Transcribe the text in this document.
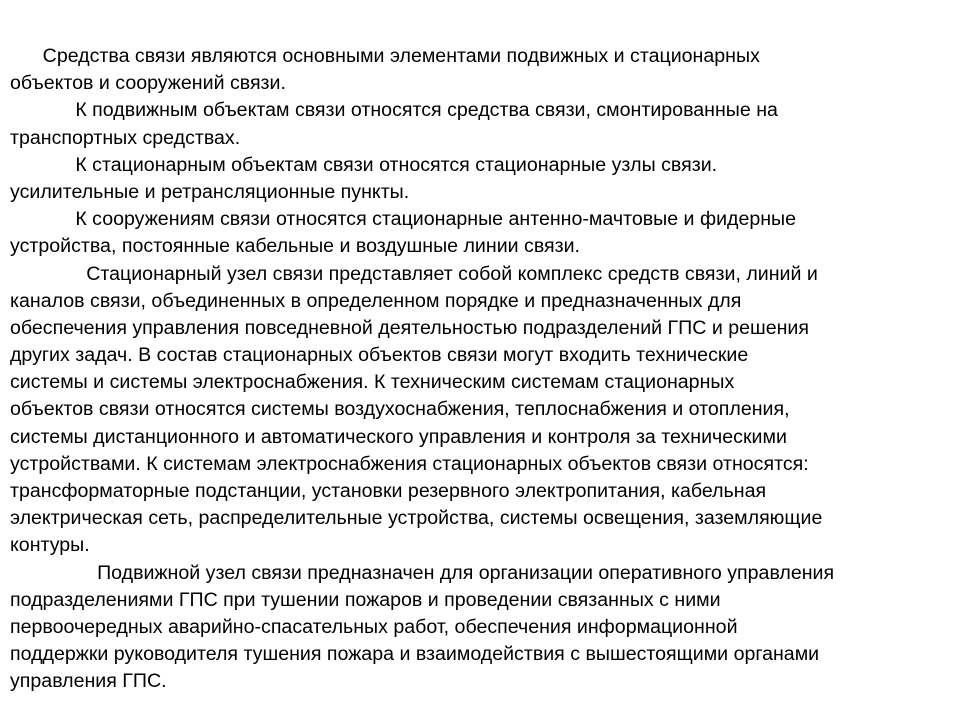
Средства связи являются основными элементами подвижных и стационарных
объектов и сооружений связи.
К подвижным объектам связи относятся средства связи, смонтированные на
транспортных средствах.
К стационарным объектам связи относятся стационарные узлы связи.
усилительные и ретрансляционные пункты.
К сооружениям связи относятся стационарные антенно-мачтовые и фидерные
устройства, постоянные кабельные и воздушные линии связи.
Стационарный узел связи представляет собой комплекс средств связи, линий и
каналов связи, объединенных в определенном порядке и предназначенных для
обеспечения управления повседневной деятельностью подразделений ГПС и решения
других задач. В состав стационарных объектов связи могут входить технические
системы и системы электроснабжения. К техническим системам стационарных
объектов связи относятся системы воздухоснабжения, теплоснабжения и отопления,
системы дистанционного и автоматического управления и контроля за техническими
устройствами. К системам электроснабжения стационарных объектов связи относятся:
трансформаторные подстанции, установки резервного электропитания, кабельная
электрическая сеть, распределительные устройства, системы освещения, заземляющие
контуры.
Подвижной узел связи предназначен для организации оперативного управления
подразделениями ГПС при тушении пожаров и проведении связанных с ними
первоочередных аварийно-спасательных работ, обеспечения информационной
поддержки руководителя тушения пожара и взаимодействия с вышестоящими органами
управления ГПС.
